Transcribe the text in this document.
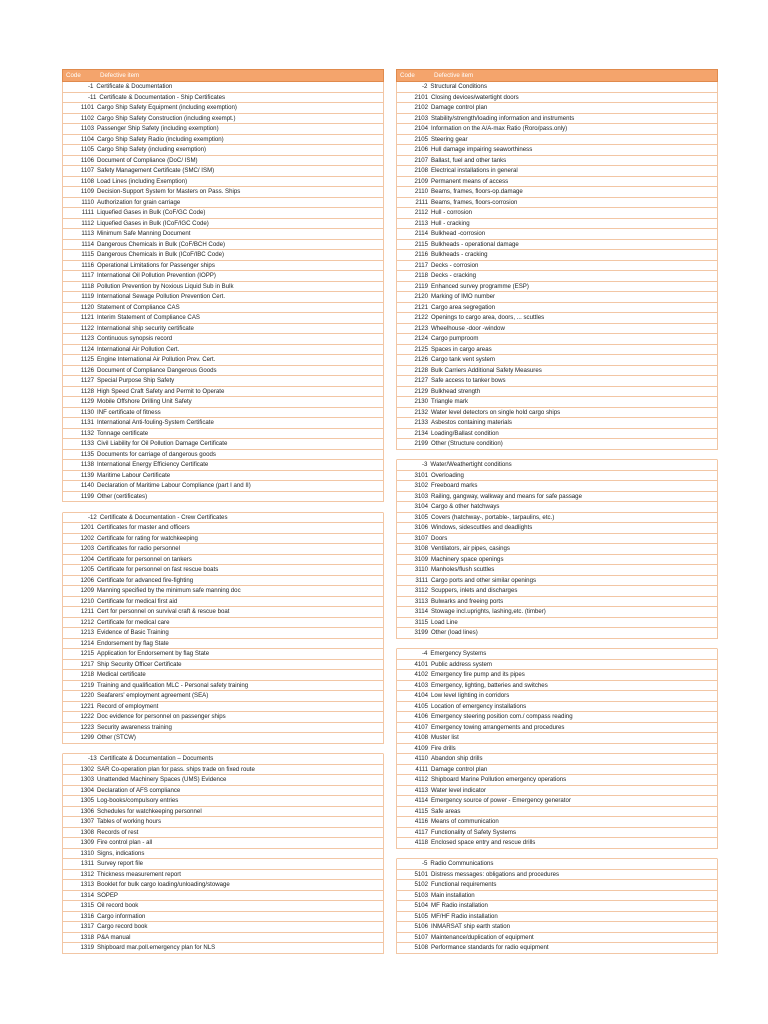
Code	Defective item
-1 Certificate & Documentation
-11 Certificate & Documentation - Ship Certificates
1101 Cargo Ship Safety Equipment (including exemption)
1102 Cargo Ship Safety Construction (including exempt.)
1103 Passenger Ship Safety (including exemption)
1104 Cargo Ship Safety Radio (including exemption)
1105 Cargo Ship Safety (including exemption)
1106 Document of Compliance (DoC/ ISM)
1107 Safety Management Certificate (SMC/ ISM)
1108 Load Lines (including Exemption)
1109 Decision-Support System for Masters on Pass. Ships
1110 Authorization for grain carriage
1111 Liquefied Gases in Bulk (CoF/GC Code)
1112 Liquefied Gases in Bulk (ICoF/IGC Code)
1113 Minimum Safe Manning Document
1114 Dangerous Chemicals in Bulk (CoF/BCH Code)
1115 Dangerous Chemicals in Bulk (ICoF/IBC Code)
1116 Operational Limitations for Passenger ships
1117 International Oil Pollution Prevention (IOPP)
1118 Pollution Prevention by Noxious Liquid Sub in Bulk
1119 International Sewage Pollution Prevention Cert.
1120 Statement of Compliance CAS
1121 Interim Statement of Compliance CAS
1122 International ship security certificate
1123 Continuous synopsis record
1124 International Air Pollution Cert.
1125 Engine International Air Pollution Prev. Cert.
1126 Document of Compliance Dangerous Goods
1127 Special Purpose Ship Safety
1128 High Speed Craft Safety and Permit to Operate
1129 Mobile Offshore Drilling Unit Safety
1130 INF certificate of fitness
1131 International Anti-fouling-System Certificate
1132 Tonnage certificate
1133 Civil Liability for Oil Pollution Damage Certificate
1135 Documents for carriage of dangerous goods
1138 International Energy Efficiency Certificate
1139 Maritime Labour Certificate
1140 Declaration of Maritime Labour Compliance (part I and II)
1199 Other (certificates)
-12 Certificate & Documentation - Crew Certificates
1201 Certificates for master and officers
1202 Certificate for rating for watchkeeping
1203 Certificates for radio personnel
1204 Certificate for personnel on tankers
1205 Certificate for personnel on fast rescue boats
1206 Certificate for advanced fire-fighting
1209 Manning specified by the minimum safe manning doc
1210 Certificate for medical first aid
1211 Cert for personnel on survival craft & rescue boat
1212 Certificate for medical care
1213 Evidence of Basic Training
1214 Endorsement by flag State
1215 Application for Endorsement by flag State
1217 Ship Security Officer Certificate
1218 Medical certificate
1219 Training and qualification MLC - Personal safety training
1220 Seafarers' employment agreement (SEA)
1221 Record of employment
1222 Doc evidence for personnel on passenger ships
1223 Security awareness training
1299 Other (STCW)
-13 Certificate & Documentation – Documents
1302 SAR Co-operation plan for pass. ships trade on fixed route
1303 Unattended Machinery Spaces (UMS) Evidence
1304 Declaration of AFS compliance
1305 Log-books/compulsory entries
1306 Schedules for watchkeeping personnel
1307 Tables of working hours
1308 Records of rest
1309 Fire control plan - all
1310 Signs, indications
1311 Survey report file
1312 Thickness measurement report
1313 Booklet for bulk cargo loading/unloading/stowage
1314 SOPEP
1315 Oil record book
1316 Cargo information
1317 Cargo record book
1318 P&A manual
1319 Shipboard mar.poll.emergency plan for NLS
Code	Defective item
-2 Structural Conditions
2101 Closing devices/watertight doors
2102 Damage control plan
2103 Stability/strength/loading information and instruments
2104 Information on the A/A-max Ratio (Roro/pass.only)
2105 Steering gear
2106 Hull damage impairing seaworthiness
2107 Ballast, fuel and other tanks
2108 Electrical installations in general
2109 Permanent means of access
2110 Beams, frames, floors-op.damage
2111 Beams, frames, floors-corrosion
2112 Hull - corrosion
2113 Hull - cracking
2114 Bulkhead -corrosion
2115 Bulkheads - operational damage
2116 Bulkheads - cracking
2117 Decks - corrosion
2118 Decks - cracking
2119 Enhanced survey programme (ESP)
2120 Marking of IMO number
2121 Cargo area segregation
2122 Openings to cargo area, doors, ... scuttles
2123 Wheelhouse -door -window
2124 Cargo pumproom
2125 Spaces in cargo areas
2126 Cargo tank vent system
2128 Bulk Carriers Additional Safety Measures
2127 Safe access to tanker bows
2129 Bulkhead strength
2130 Triangle mark
2132 Water level detectors on single hold cargo ships
2133 Asbestos containing materials
2134 Loading/Ballast condition
2199 Other (Structure condition)
-3 Water/Weathertight conditions
3101 Overloading
3102 Freeboard marks
3103 Railing, gangway, walkway and means for safe passage
3104 Cargo & other hatchways
3105 Covers (hatchway-, portable-, tarpaulins, etc.)
3106 Windows, sidescuttles and deadlights
3107 Doors
3108 Ventilators, air pipes, casings
3109 Machinery space openings
3110 Manholes/flush scuttles
3111 Cargo ports and other similar openings
3112 Scuppers, inlets and discharges
3113 Bulwarks and freeing ports
3114 Stowage incl.uprights, lashing,etc. (timber)
3115 Load Line
3199 Other (load lines)
-4 Emergency Systems
4101 Public address system
4102 Emergency fire pump and its pipes
4103 Emergency, lighting, batteries and switches
4104 Low level lighting in corridors
4105 Location of emergency installations
4106 Emergency steering position com./ compass reading
4107 Emergency towing arrangements and procedures
4108 Muster list
4109 Fire drills
4110 Abandon ship drills
4111 Damage control plan
4112 Shipboard Marine Pollution emergency operations
4113 Water level indicator
4114 Emergency source of power - Emergency generator
4115 Safe areas
4116 Means of communication
4117 Functionality of Safety Systems
4118 Enclosed space entry and rescue drills
-5 Radio Communications
5101 Distress messages: obligations and procedures
5102 Functional requirements
5103 Main installation
5104 MF Radio installation
5105 MF/HF Radio installation
5106 INMARSAT ship earth station
5107 Maintenance/duplication of equipment
5108 Performance standards for radio equipment
